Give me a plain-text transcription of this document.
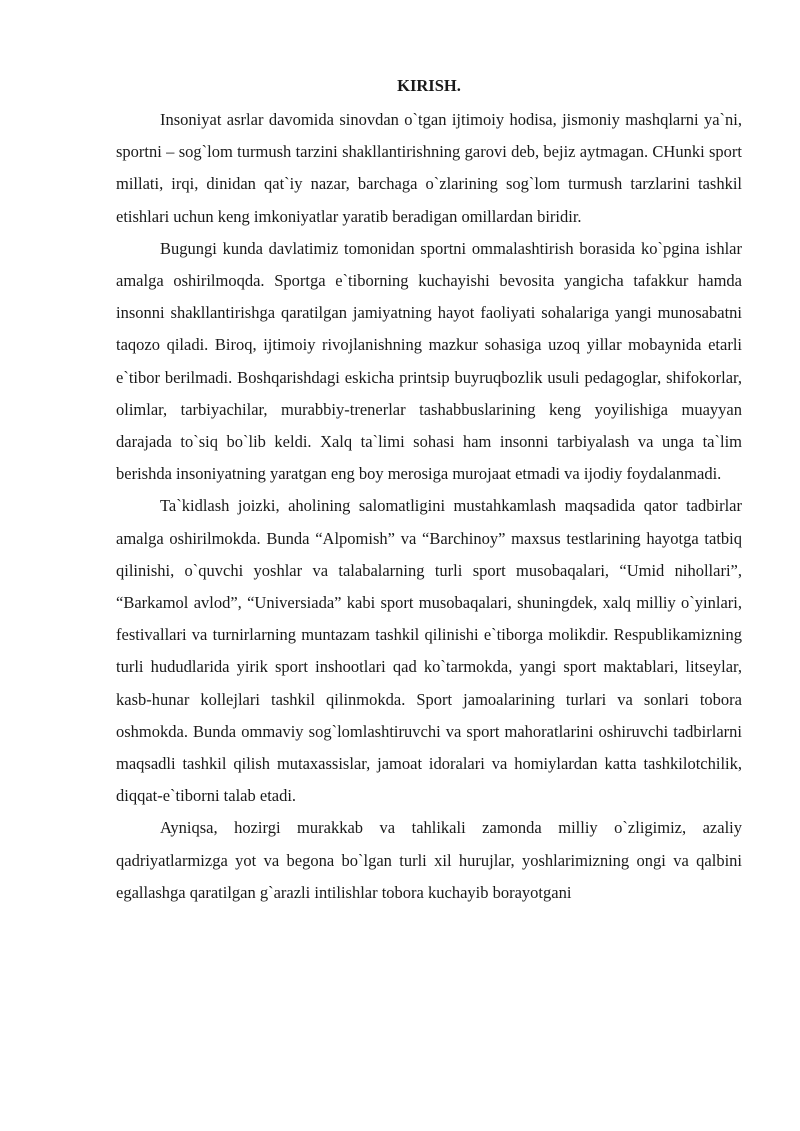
KIRISH.

Insoniyat asrlar davomida sinovdan o`tgan ijtimoiy hodisa, jismoniy mashqlarni ya`ni, sportni – sog`lom turmush tarzini shakllantirishning garovi deb, bejiz aytmagan. CHunki sport millati, irqi, dinidan qat`iy nazar, barchaga o`zlarining sog`lom turmush tarzlarini tashkil etishlari uchun keng imkoniyatlar yaratib beradigan omillardan biridir.

Bugungi kunda davlatimiz tomonidan sportni ommalashtirish borasida ko`pgina ishlar amalga oshirilmoqda. Sportga e`tiborning kuchayishi bevosita yangicha tafakkur hamda insonni shakllantirishga qaratilgan jamiyatning hayot faoliyati sohalariga yangi munosabatni taqozo qiladi. Biroq, ijtimoiy rivojlanishning mazkur sohasiga uzoq yillar mobaynida etarli e`tibor berilmadi. Boshqarishdagi eskicha printsip buyruqbozlik usuli pedagoglar, shifokorlar, olimlar, tarbiyachilar, murabbiy-trenerlar tashabbuslarining keng yoyilishiga muayyan darajada to`siq bo`lib keldi. Xalq ta`limi sohasi ham insonni tarbiyalash va unga ta`lim berishda insoniyatning yaratgan eng boy merosiga murojaat etmadi va ijodiy foydalanmadi.

Ta`kidlash joizki, aholining salomatligini mustahkamlash maqsadida qator tadbirlar amalga oshirilmokda. Bunda “Alpomish” va “Barchinoy” maxsus testlarining hayotga tatbiq qilinishi, o`quvchi yoshlar va talabalarning turli sport musobaqalari, “Umid nihollari”, “Barkamol avlod”, “Universiada” kabi sport musobaqalari, shuningdek, xalq milliy o`yinlari, festivallari va turnirlarning muntazam tashkil qilinishi e`tiborga molikdir. Respublikamizning turli hududlarida yirik sport inshootlari qad ko`tarmokda, yangi sport maktablari, litseylar, kasb-hunar kollejlari tashkil qilinmokda. Sport jamoalarining turlari va sonlari tobora oshmokda. Bunda ommaviy sog`lomlashtiruvchi va sport mahoratlarini oshiruvchi tadbirlarni maqsadli tashkil qilish mutaxassislar, jamoat idoralari va homiylardan katta tashkilotchilik, diqqat-e`tiborni talab etadi.

Ayniqsa, hozirgi murakkab va tahlikali zamonda milliy o`zligimiz, azaliy qadriyatlarmizga yot va begona bo`lgan turli xil hurujlar, yoshlarimizning ongi va qalbini egallashga qaratilgan g`arazli intilishlar tobora kuchayib borayotgani
